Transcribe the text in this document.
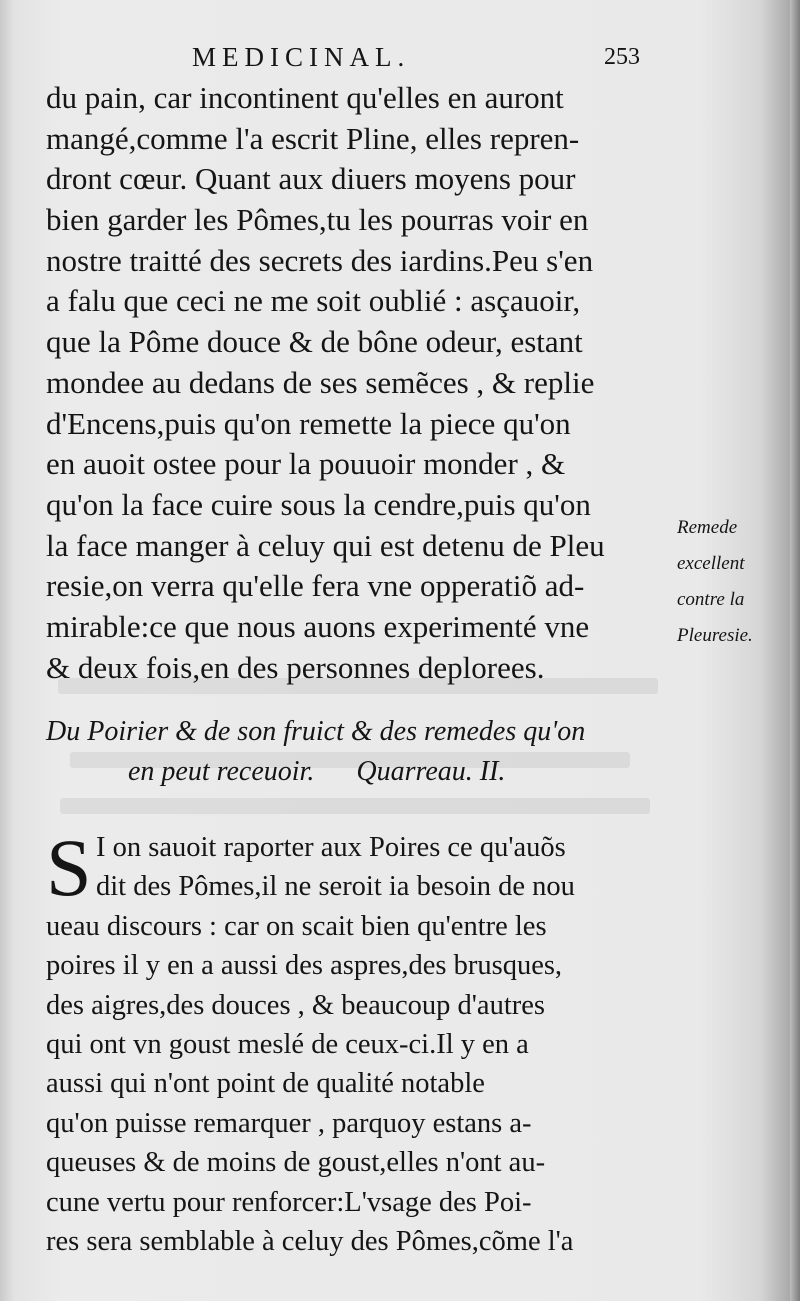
MEDICINAL.	253
du pain, car incontinent qu'elles en auront
mangé,comme l'a escrit Pline, elles repren-
dront cœur. Quant aux diuers moyens pour
bien garder les Pômes,tu les pourras voir en
nostre traitté des secrets des iardins.Peu s'en
a falu que ceci ne me soit oublié : asçauoir,
que la Pôme douce & de bône odeur, estant
mondee au dedans de ses semẽces , & replie
d'Encens,puis qu'on remette la piece qu'on
en auoit ostee pour la pouuoir monder , &
qu'on la face cuire sous la cendre,puis qu'on
la face manger à celuy qui est detenu de Pleu
resie,on verra qu'elle fera vne opperatiõ ad-
mirable:ce que nous auons experimenté vne
& deux fois,en des personnes deplorees.
Remede
excellent
contre la
Pleuresie.
Du Poirier & de son fruict & des remedes qu'on
en peut receuoir. Quarreau. II.
S I on sauoit raporter aux Poires ce qu'auõs
dit des Pômes,il ne seroit ia besoin de nou
ueau discours : car on scait bien qu'entre les
poires il y en a aussi des aspres,des brusques,
des aigres,des douces , & beaucoup d'autres
qui ont vn goust meslé de ceux-ci.Il y en a
aussi qui n'ont point de qualité notable
qu'on puisse remarquer , parquoy estans a-
queuses & de moins de goust,elles n'ont au-
cune vertu pour renforcer:L'vsage des Poi-
res sera semblable à celuy des Pômes,cõme l'a
